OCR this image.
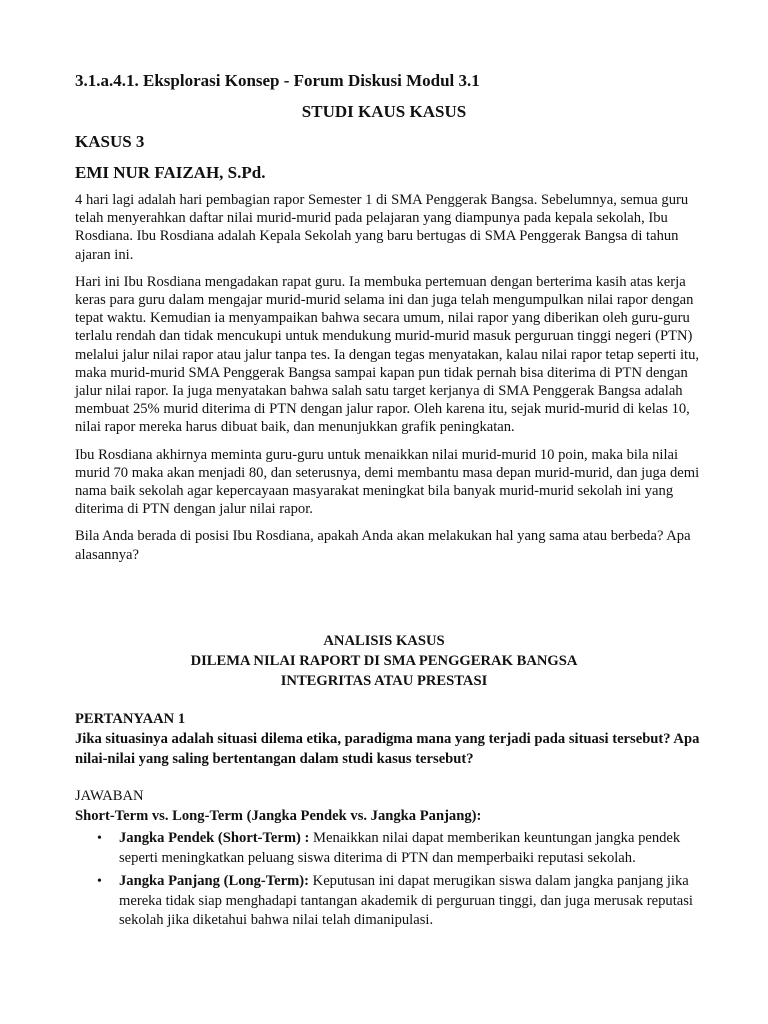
3.1.a.4.1. Eksplorasi Konsep - Forum Diskusi Modul 3.1
STUDI KAUS KASUS
KASUS 3
EMI NUR FAIZAH, S.Pd.

4 hari lagi adalah hari pembagian rapor Semester 1 di SMA Penggerak Bangsa. Sebelumnya, semua guru telah menyerahkan daftar nilai murid-murid pada pelajaran yang diampunya pada kepala sekolah, Ibu Rosdiana. Ibu Rosdiana adalah Kepala Sekolah yang baru bertugas di SMA Penggerak Bangsa di tahun ajaran ini.

Hari ini Ibu Rosdiana mengadakan rapat guru. Ia membuka pertemuan dengan berterima kasih atas kerja keras para guru dalam mengajar murid-murid selama ini dan juga telah mengumpulkan nilai rapor dengan tepat waktu. Kemudian ia menyampaikan bahwa secara umum, nilai rapor yang diberikan oleh guru-guru terlalu rendah dan tidak mencukupi untuk mendukung murid-murid masuk perguruan tinggi negeri (PTN) melalui jalur nilai rapor atau jalur tanpa tes. Ia dengan tegas menyatakan, kalau nilai rapor tetap seperti itu, maka murid-murid SMA Penggerak Bangsa sampai kapan pun tidak pernah bisa diterima di PTN dengan jalur nilai rapor. Ia juga menyatakan bahwa salah satu target kerjanya di SMA Penggerak Bangsa adalah membuat 25% murid diterima di PTN dengan jalur rapor. Oleh karena itu, sejak murid-murid di kelas 10, nilai rapor mereka harus dibuat baik, dan menunjukkan grafik peningkatan.

Ibu Rosdiana akhirnya meminta guru-guru untuk menaikkan nilai murid-murid 10 poin, maka bila nilai murid 70 maka akan menjadi 80, dan seterusnya, demi membantu masa depan murid-murid, dan juga demi nama baik sekolah agar kepercayaan masyarakat meningkat bila banyak murid-murid sekolah ini yang diterima di PTN dengan jalur nilai rapor.

Bila Anda berada di posisi Ibu Rosdiana, apakah Anda akan melakukan hal yang sama atau berbeda? Apa alasannya?

ANALISIS KASUS
DILEMA NILAI RAPORT DI SMA PENGGERAK BANGSA
INTEGRITAS ATAU PRESTASI
PERTANYAAN 1
Jika situasinya adalah situasi dilema etika, paradigma mana yang terjadi pada situasi tersebut? Apa nilai-nilai yang saling bertentangan dalam studi kasus tersebut?
JAWABAN
Short-Term vs. Long-Term (Jangka Pendek vs. Jangka Panjang):
• Jangka Pendek (Short-Term) : Menaikkan nilai dapat memberikan keuntungan jangka pendek seperti meningkatkan peluang siswa diterima di PTN dan memperbaiki reputasi sekolah.
• Jangka Panjang (Long-Term): Keputusan ini dapat merugikan siswa dalam jangka panjang jika mereka tidak siap menghadapi tantangan akademik di perguruan tinggi, dan juga merusak reputasi sekolah jika diketahui bahwa nilai telah dimanipulasi.
